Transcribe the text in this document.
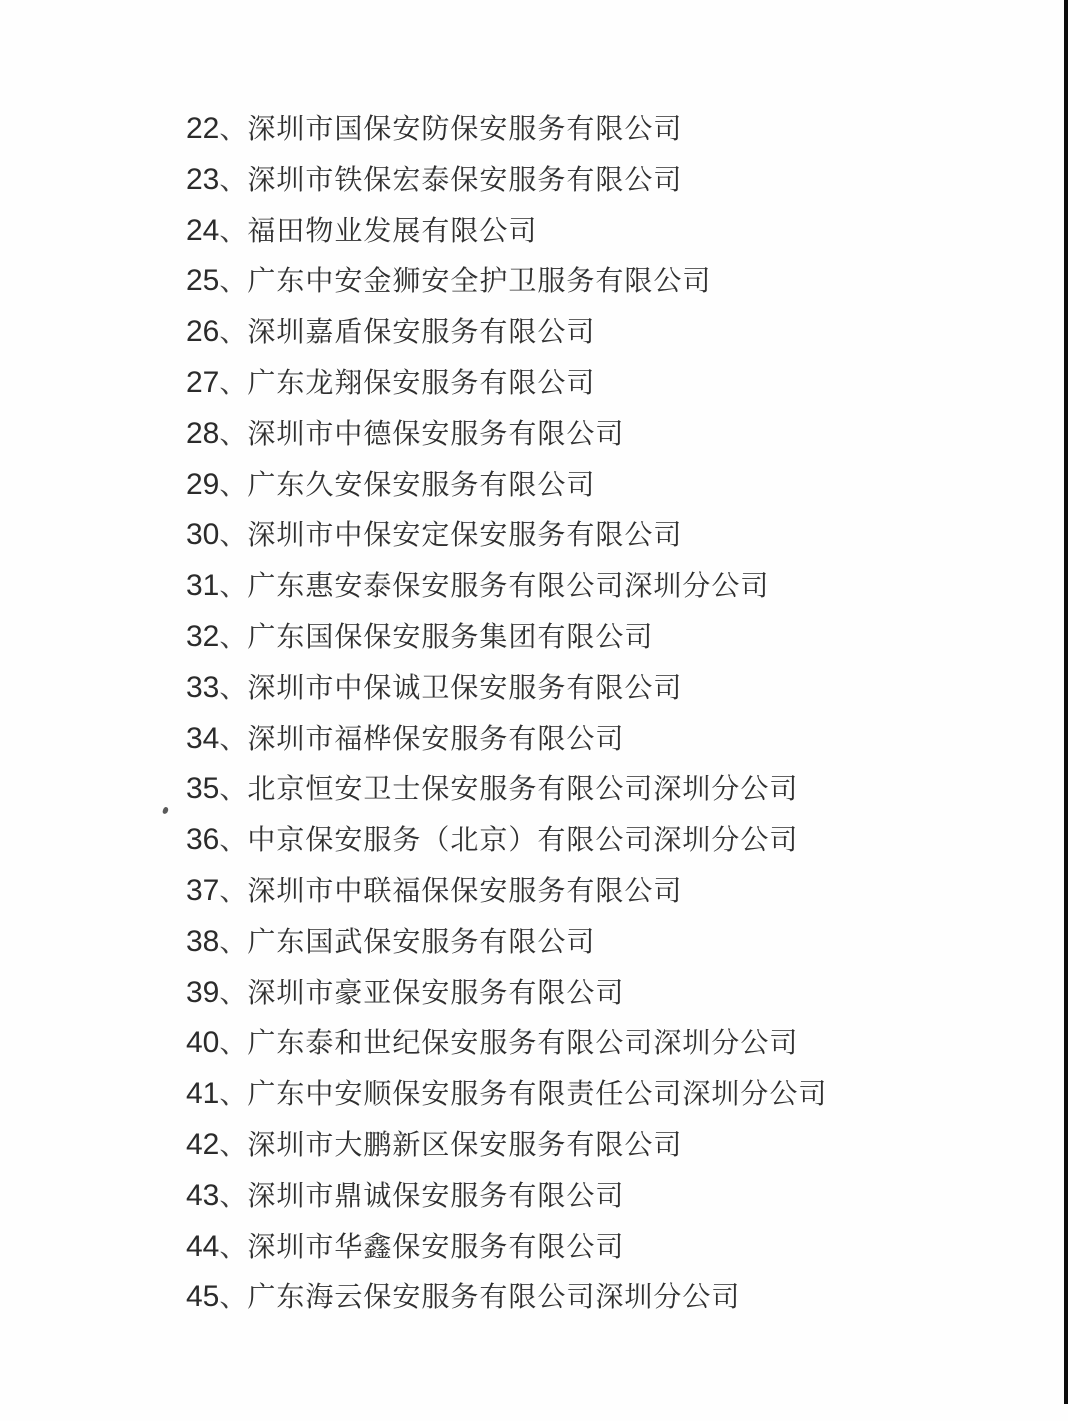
22、深圳市国保安防保安服务有限公司
23、深圳市铁保宏泰保安服务有限公司
24、福田物业发展有限公司
25、广东中安金狮安全护卫服务有限公司
26、深圳嘉盾保安服务有限公司
27、广东龙翔保安服务有限公司
28、深圳市中德保安服务有限公司
29、广东久安保安服务有限公司
30、深圳市中保安定保安服务有限公司
31、广东惠安泰保安服务有限公司深圳分公司
32、广东国保保安服务集团有限公司
33、深圳市中保诚卫保安服务有限公司
34、深圳市福桦保安服务有限公司
35、北京恒安卫士保安服务有限公司深圳分公司
36、中京保安服务（北京）有限公司深圳分公司
37、深圳市中联福保保安服务有限公司
38、广东国武保安服务有限公司
39、深圳市豪亚保安服务有限公司
40、广东泰和世纪保安服务有限公司深圳分公司
41、广东中安顺保安服务有限责任公司深圳分公司
42、深圳市大鹏新区保安服务有限公司
43、深圳市鼎诚保安服务有限公司
44、深圳市华鑫保安服务有限公司
45、广东海云保安服务有限公司深圳分公司
